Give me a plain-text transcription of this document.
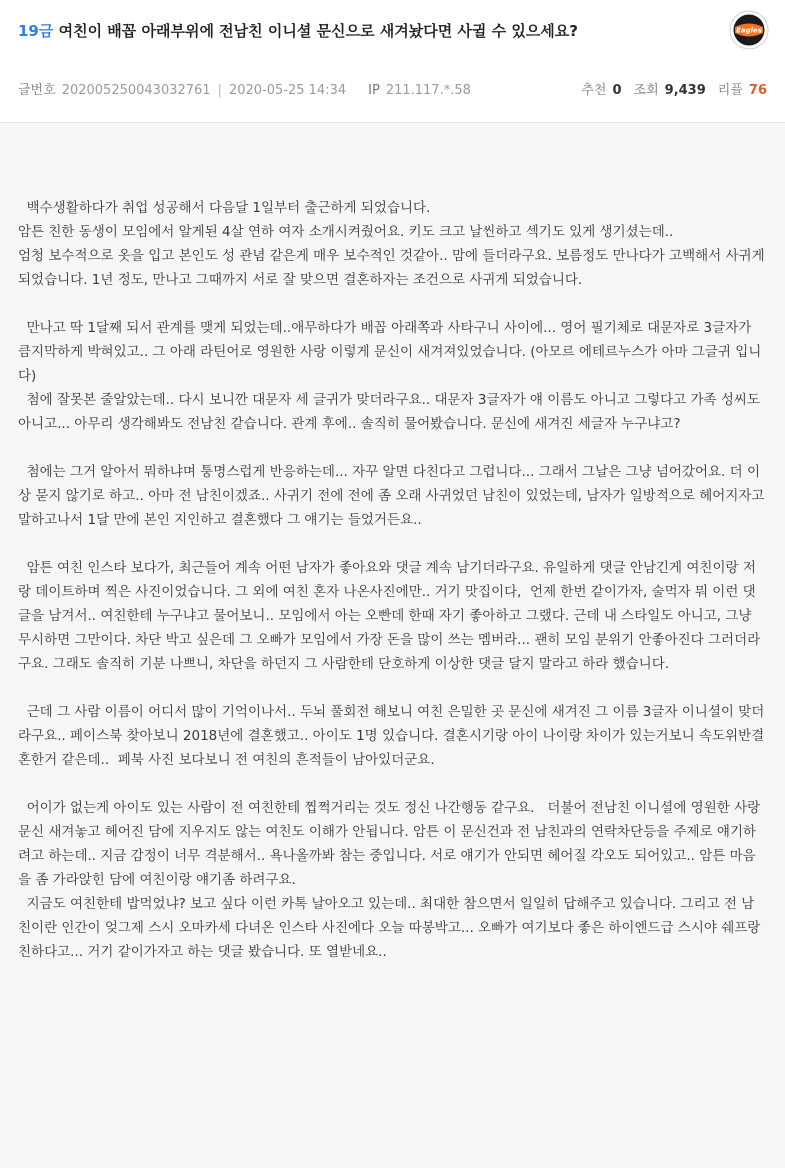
19금 여친이 배꼽 아래부위에 전남친 이니셜 문신으로 새겨놨다면 사귈 수 있으세요?	Eagles
글번호 20200525004303276​1 | 2020-05-25 14:34 IP 211.117.*.58	추천 0 조회 9,439 리플 76

백수생활하다가 취업 성공해서 다음달 1일부터 출근하게 되었습니다.
암튼 친한 동생이 모임에서 알게된 4살 연하 여자 소개시켜줬어요. 키도 크고 날씬하고 섹기도 있게 생기셨는데..
엄청 보수적으로 옷을 입고 본인도 성 관념 같은게 매우 보수적인 것같아.. 맘에 들더라구요. 보름정도 만나다가 고백해서 사귀게 되었습니다. 1년 정도, 만나고 그때까지 서로 잘 맞으면 결혼하자는 조건으로 사귀게 되었습니다.

만나고 딱 1달째 되서 관계를 맺게 되었는데..애무하다가 배꼽 아래쪽과 사타구니 사이에... 영어 필기체로 대문자로 3글자가 큼지막하게 박혀있고.. 그 아래 라틴어로 영원한 사랑 이렇게 문신이 새겨져있었습니다. (아모르 에테르누스가 아마 그글귀 입니다)
첨에 잘못본 줄알았는데.. 다시 보니깐 대문자 세 글귀가 맞더라구요.. 대문자 3글자가 얘 이름도 아니고 그렇다고 가족 성씨도 아니고... 아무리 생각해봐도 전남친 같습니다. 관계 후에.. 솔직히 물어봤습니다. 문신에 새겨진 세글자 누구냐고?

첨에는 그거 알아서 뭐하냐며 퉁명스럽게 반응하는데... 자꾸 알면 다친다고 그럽니다... 그래서 그날은 그냥 넘어갔어요. 더 이상 묻지 않기로 하고.. 아마 전 남친이겠죠.. 사귀기 전에 전에 좀 오래 사귀었던 남친이 있었는데, 남자가 일방적으로 헤어지자고 말하고나서 1달 만에 본인 지인하고 결혼했다 그 얘기는 들었거든요..

암튼 여친 인스타 보다가, 최근들어 계속 어떤 남자가 좋아요와 댓글 계속 남기더라구요. 유일하게 댓글 안남긴게 여친이랑 저랑 데이트하며 찍은 사진이었습니다. 그 외에 여친 혼자 나온사진에만.. 거기 맛집이다,  언제 한번 같이가자, 술먹자 뭐 이런 댓글을 남겨서.. 여친한테 누구냐고 물어보니.. 모임에서 아는 오빤데 한때 자기 좋아하고 그랬다. 근데 내 스타일도 아니고, 그냥 무시하면 그만이다. 차단 박고 싶은데 그 오빠가 모임에서 가장 돈을 많이 쓰는 멤버라... 괜히 모임 분위기 안좋아진다 그러더라구요. 그래도 솔직히 기분 나쁘니, 차단을 하던지 그 사람한테 단호하게 이상한 댓글 달지 말라고 하라 했습니다.

근데 그 사람 이름이 어디서 많이 기억이나서.. 두뇌 풀회전 해보니 여친 은밀한 곳 문신에 새겨진 그 이름 3글자 이니셜이 맞더라구요.. 페이스북 찾아보니 2018년에 결혼했고.. 아이도 1명 있습니다. 결혼시기랑 아이 나이랑 차이가 있는거보니 속도위반결혼한거 같은데..  페북 사진 보다보니 전 여친의 흔적들이 남아있더군요.

어이가 없는게 아이도 있는 사람이 전 여친한테 찝쩍거리는 것도 정신 나간행동 같구요.   더불어 전남친 이니셜에 영원한 사랑 문신 새겨놓고 헤어진 담에 지우지도 않는 여친도 이해가 안됩니다. 암튼 이 문신건과 전 남친과의 연락차단등을 주제로 얘기하려고 하는데.. 지금 감정이 너무 격분해서.. 욕나올까봐 참는 중입니다. 서로 얘기가 안되면 헤어질 각오도 되어있고.. 암튼 마음을 좀 가라앉힌 담에 여친이랑 얘기좀 하려구요.
지금도 여친한테 밥먹었냐? 보고 싶다 이런 카톡 날아오고 있는데.. 최대한 참으면서 일일히 답해주고 있습니다. 그리고 전 남친이란 인간이 엊그제 스시 오마카세 다녀온 인스타 사진에다 오늘 따봉박고... 오빠가 여기보다 좋은 하이엔드급 스시야 쉐프랑 친하다고... 거기 같이가자고 하는 댓글 봤습니다. 또 열받네요..
